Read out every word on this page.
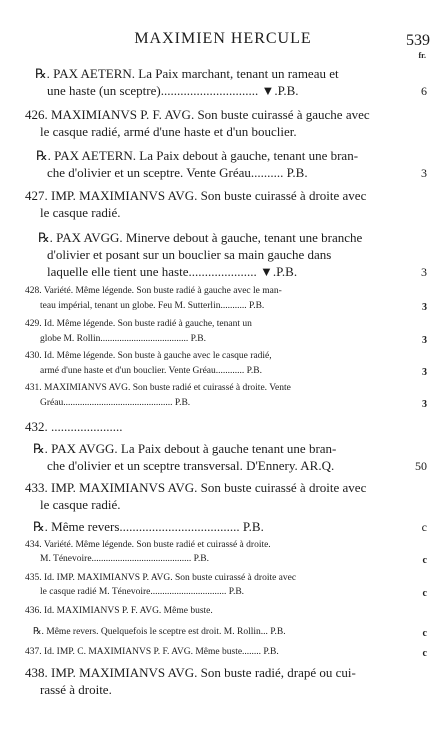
MAXIMIEN HERCULE	539
fr.
℞. PAX AETERN. La Paix marchant, tenant un rameau et
une haste (un sceptre).............................. ▼.P.B.	6
426. MAXIMIANVS P. F. AVG. Son buste cuirassé à gauche avec
le casque radié, armé d'une haste et d'un bouclier.
℞. PAX AETERN. La Paix debout à gauche, tenant une bran-
che d'olivier et un sceptre. Vente Gréau.......... P.B.	3
427. IMP. MAXIMIANVS AVG. Son buste cuirassé à droite avec
le casque radié.
℞. PAX AVGG. Minerve debout à gauche, tenant une branche
d'olivier et posant sur un bouclier sa main gauche dans
laquelle elle tient une haste..................... ▼.P.B.	3
428. Variété. Même légende. Son buste radié à gauche avec le man-
teau impérial, tenant un globe. Feu M. Sutterlin........... P.B.	3
429. Id. Même légende. Son buste radié à gauche, tenant un
globe M. Rollin..................................... P.B.	3
430. Id. Même légende. Son buste à gauche avec le casque radié,
armé d'une haste et d'un bouclier. Vente Gréau............ P.B.	3
431. MAXIMIANVS AVG. Son buste radié et cuirassé à droite. Vente
Gréau.............................................. P.B.	3
432. ......................
℞. PAX AVGG. La Paix debout à gauche tenant une bran-
che d'olivier et un sceptre transversal. D'Ennery. AR.Q.	50
433. IMP. MAXIMIANVS AVG. Son buste cuirassé à droite avec
le casque radié.
℞. Même revers..................................... P.B.	c
434. Variété. Même légende. Son buste radié et cuirassé à droite.
M. Ténevoire.......................................... P.B.	c
435. Id. IMP. MAXIMIANVS P. AVG. Son buste cuirassé à droite avec
le casque radié M. Ténevoire................................ P.B.	c
436. Id. MAXIMIANVS P. F. AVG. Même buste.
℞. Même revers. Quelquefois le sceptre est droit. M. Rollin... P.B.	c
437. Id. IMP. C. MAXIMIANVS P. F. AVG. Même buste........ P.B.	c
438. IMP. MAXIMIANVS AVG. Son buste radié, drapé ou cui-
rassé à droite.
